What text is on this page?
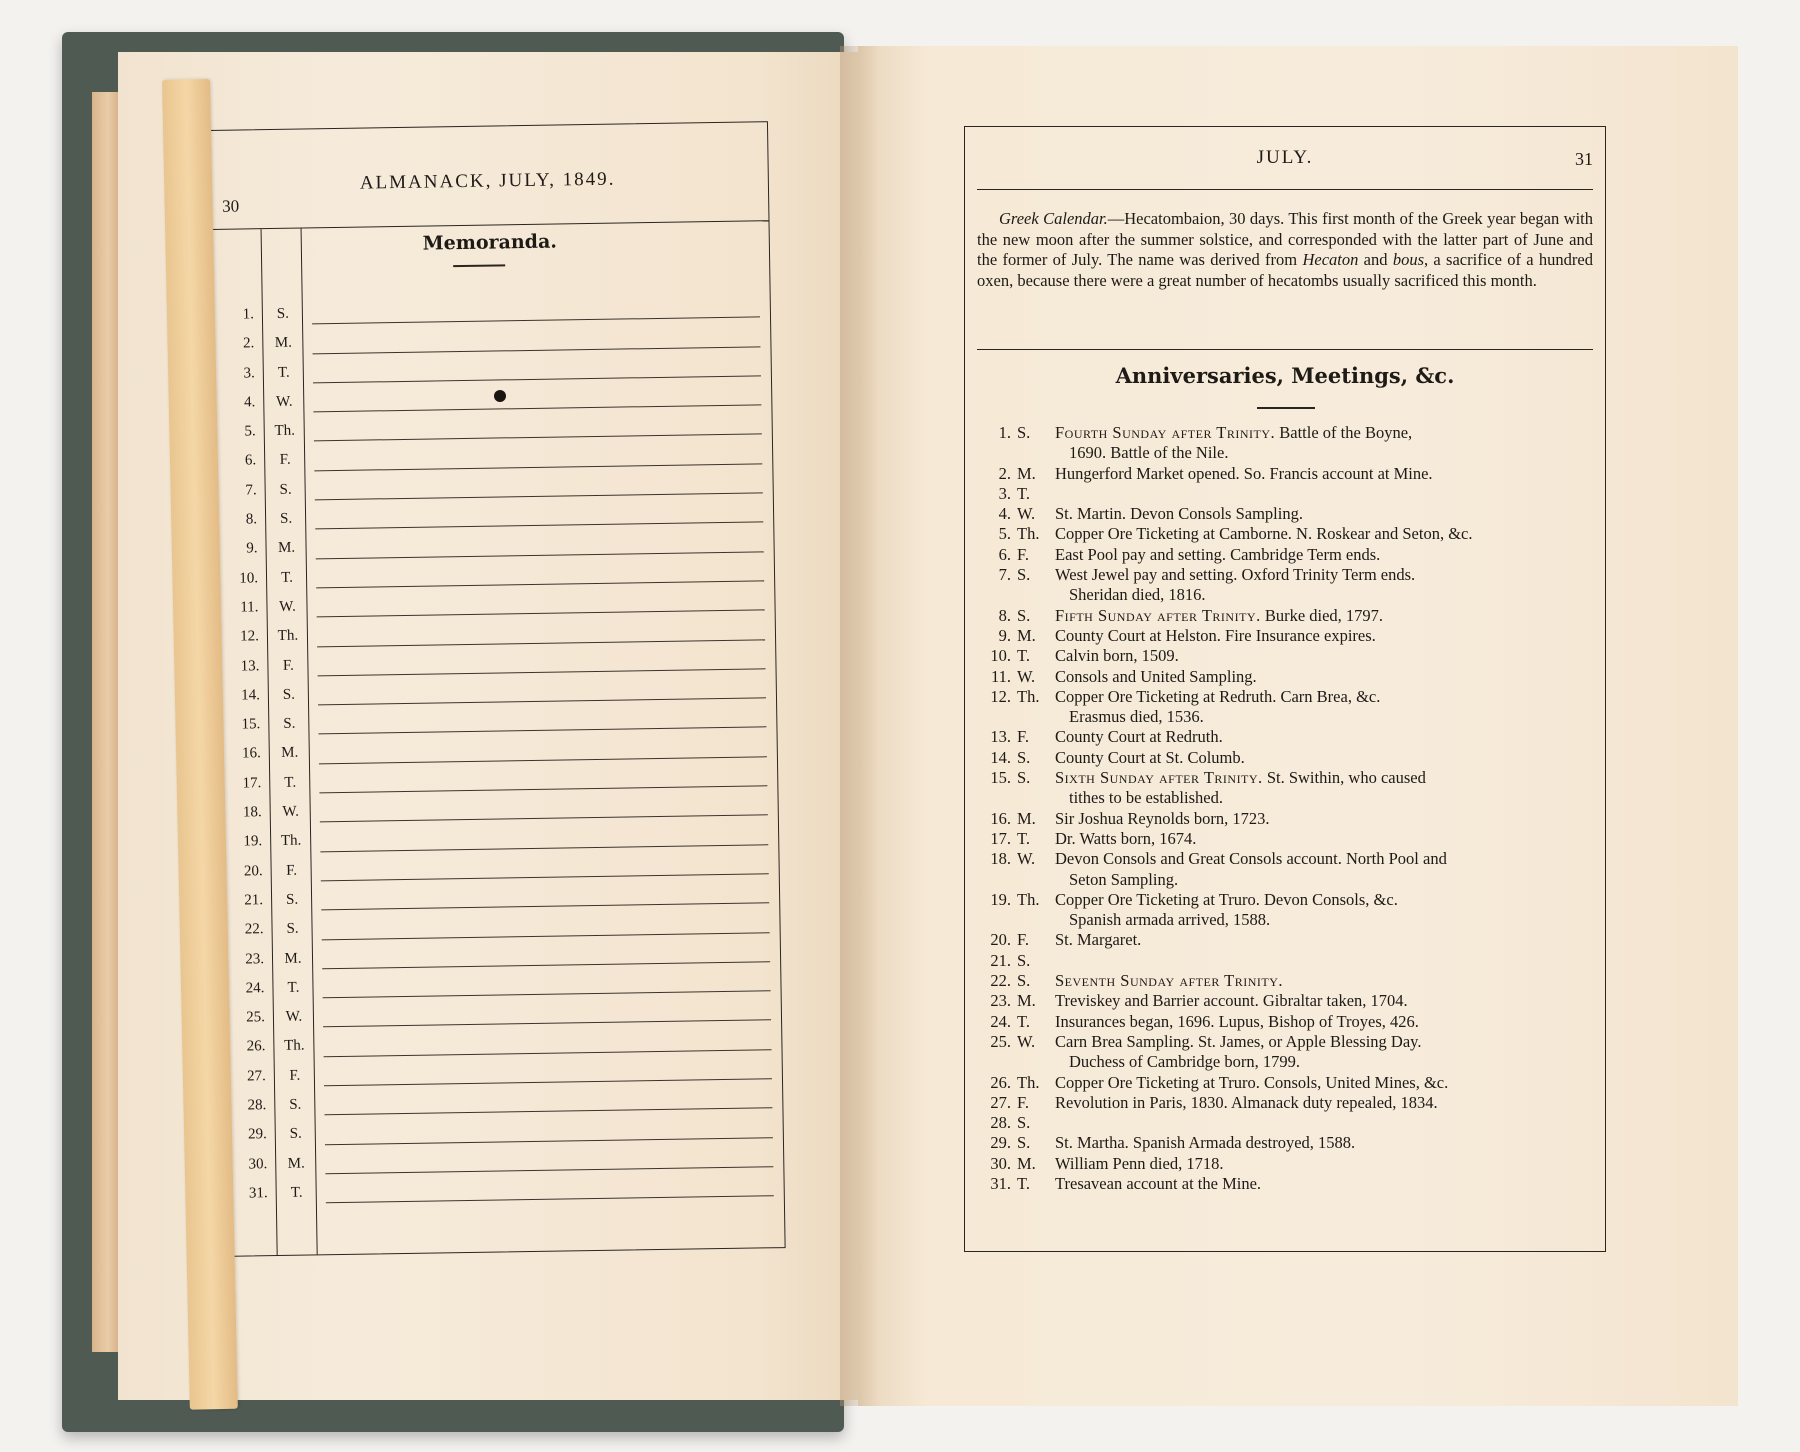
30
ALMANACK, JULY, 1849.
Memoranda.
1.	S.
2.	M.
3.	T.
4.	W.
5.	Th.
6.	F.
7.	S.
8.	S.
9.	M.
10.	T.
11.	W.
12.	Th.
13.	F.
14.	S.
15.	S.
16.	M.
17.	T.
18.	W.
19.	Th.
20.	F.
21.	S.
22.	S.
23.	M.
24.	T.
25.	W.
26.	Th.
27.	F.
28.	S.
29.	S.
30.	M.
31.	T.
JULY.	31
Greek Calendar.—Hecatombaion, 30 days. This first month of the Greek year began with the new moon after the summer solstice, and corresponded with the latter part of June and the former of July. The name was derived from Hecaton and bous, a sacrifice of a hundred oxen, because there were a great number of hecatombs usually sacrificed this month.
Anniversaries, Meetings, &c.
1. S.	Fourth Sunday after Trinity. Battle of the Boyne,
1690. Battle of the Nile.
2. M.	Hungerford Market opened. So. Francis account at Mine.
3. T.
4. W.	St. Martin. Devon Consols Sampling.
5. Th. Copper Ore Ticketing at Camborne. N. Roskear and Seton, &c.
6. F.	East Pool pay and setting. Cambridge Term ends.
7. S.	West Jewel pay and setting. Oxford Trinity Term ends.
Sheridan died, 1816.
8. S.	Fifth Sunday after Trinity. Burke died, 1797.
9. M.	County Court at Helston. Fire Insurance expires.
10. T.	Calvin born, 1509.
11. W.	Consols and United Sampling.
12. Th. Copper Ore Ticketing at Redruth. Carn Brea, &c.
Erasmus died, 1536.
13. F.	County Court at Redruth.
14. S.	County Court at St. Columb.
15. S.	Sixth Sunday after Trinity. St. Swithin, who caused
tithes to be established.
16. M.	Sir Joshua Reynolds born, 1723.
17. T.	Dr. Watts born, 1674.
18. W.	Devon Consols and Great Consols account. North Pool and
Seton Sampling.
19. Th. Copper Ore Ticketing at Truro. Devon Consols, &c.
Spanish armada arrived, 1588.
20. F.	St. Margaret.
21. S.
22. S.	Seventh Sunday after Trinity.
23. M.	Treviskey and Barrier account. Gibraltar taken, 1704.
24. T.	Insurances began, 1696. Lupus, Bishop of Troyes, 426.
25. W.	Carn Brea Sampling. St. James, or Apple Blessing Day.
Duchess of Cambridge born, 1799.
26. Th. Copper Ore Ticketing at Truro. Consols, United Mines, &c.
27. F.	Revolution in Paris, 1830. Almanack duty repealed, 1834.
28. S.
29. S.	St. Martha. Spanish Armada destroyed, 1588.
30. M.	William Penn died, 1718.
31. T.	Tresavean account at the Mine.
